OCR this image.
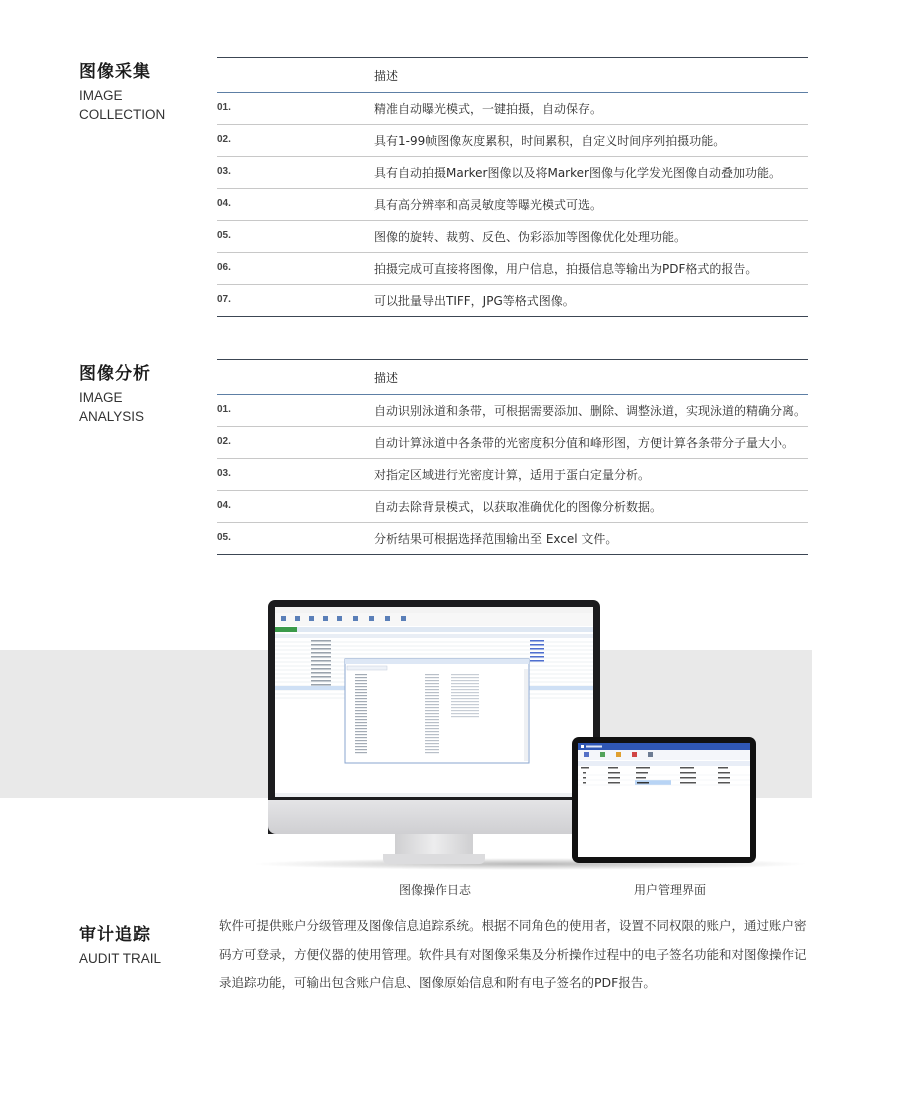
图像采集
IMAGE
COLLECTION
描述
01.	精准自动曝光模式，一键拍摄，自动保存。
02.	具有1-99帧图像灰度累积，时间累积，自定义时间序列拍摄功能。
03.	具有自动拍摄Marker图像以及将Marker图像与化学发光图像自动叠加功能。
04.	具有高分辨率和高灵敏度等曝光模式可选。
05.	图像的旋转、裁剪、反色、伪彩添加等图像优化处理功能。
06.	拍摄完成可直接将图像，用户信息，拍摄信息等输出为PDF格式的报告。
07.	可以批量导出TIFF，JPG等格式图像。
图像分析
IMAGE
ANALYSIS
描述
01.	自动识别泳道和条带，可根据需要添加、删除、调整泳道，实现泳道的精确分离。
02.	自动计算泳道中各条带的光密度积分值和峰形图，方便计算各条带分子量大小。
03.	对指定区域进行光密度计算，适用于蛋白定量分析。
04.	自动去除背景模式，以获取准确优化的图像分析数据。
05.	分析结果可根据选择范围输出至 Excel 文件。
图像操作日志	用户管理界面
审计追踪
AUDIT TRAIL
软件可提供账户分级管理及图像信息追踪系统。根据不同角色的使用者，设置不同权限的账户，通过账户密码方可登录，方便仪器的使用管理。软件具有对图像采集及分析操作过程中的电子签名功能和对图像操作记录追踪功能，可输出包含账户信息、图像原始信息和附有电子签名的PDF报告。
